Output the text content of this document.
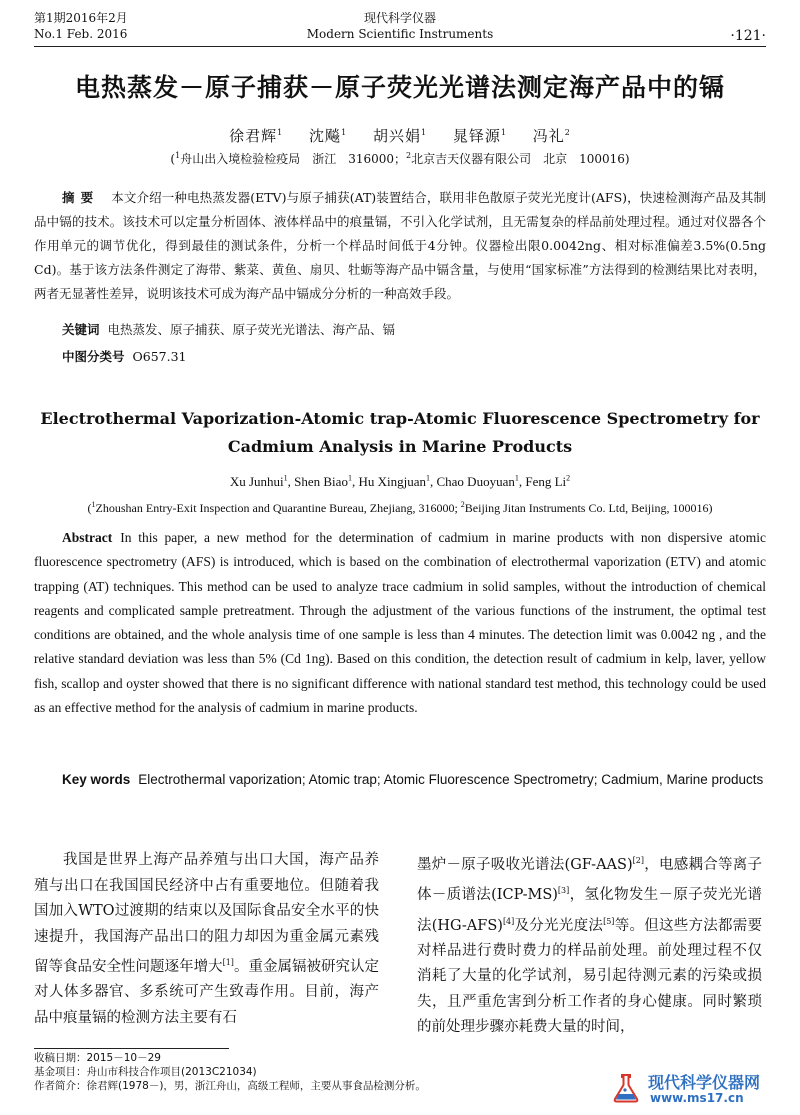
第1期2016年2月
No.1 Feb. 2016
现代科学仪器
Modern Scientific Instruments	·121·
电热蒸发－原子捕获－原子荧光光谱法测定海产品中的镉
徐君辉$^1$ 沈飚$^1$ 胡兴娟$^1$ 晁铎源$^1$ 冯礼$^2$
($^1$舟山出入境检验检疫局　浙江　316000；$^2$北京吉天仪器有限公司　北京　100016)
摘要 本文介绍一种电热蒸发器(ETV)与原子捕获(AT)装置结合，联用非色散原子荧光光度计(AFS)，快速检测海产品及其制品中镉的技术。该技术可以定量分析固体、液体样品中的痕量镉，不引入化学试剂，且无需复杂的样品前处理过程。通过对仪器各个作用单元的调节优化，得到最佳的测试条件，分析一个样品时间低于4分钟。仪器检出限0.0042ng、相对标准偏差3.5%(0.5ng Cd)。基于该方法条件测定了海带、紫菜、黄鱼、扇贝、牡蛎等海产品中镉含量，与使用“国家标准”方法得到的检测结果比对表明，两者无显著性差异，说明该技术可成为海产品中镉成分分析的一种高效手段。
关键词 电热蒸发、原子捕获、原子荧光光谱法、海产品、镉
中图分类号 O657.31
Electrothermal Vaporization-Atomic trap-Atomic Fluorescence Spectrometry for Cadmium Analysis in Marine Products
Xu Junhui$^1$, Shen Biao$^1$, Hu Xingjuan$^1$, Chao Duoyuan$^1$, Feng Li$^2$
($^1$Zhoushan Entry-Exit Inspection and Quarantine Bureau, Zhejiang, 316000; $^2$Beijing Jitan Instruments Co. Ltd, Beijing, 100016)
Abstract In this paper, a new method for the determination of cadmium in marine products with non dispersive atomic fluorescence spectrometry (AFS) is introduced, which is based on the combination of electrothermal vaporization (ETV) and atomic trapping (AT) techniques. This method can be used to analyze trace cadmium in solid samples, without the introduction of chemical reagents and complicated sample pretreatment. Through the adjustment of the various functions of the instrument, the optimal test conditions are obtained, and the whole analysis time of one sample is less than 4 minutes. The detection limit was 0.0042 ng , and the relative standard deviation was less than 5% (Cd 1ng). Based on this condition, the detection result of cadmium in kelp, laver, yellow fish, scallop and oyster showed that there is no significant difference with national standard test method, this technology could be used as an effective method for the analysis of cadmium in marine products.
Key words Electrothermal vaporization; Atomic trap; Atomic Fluorescence Spectrometry; Cadmium, Marine products
我国是世界上海产品养殖与出口大国，海产品养殖与出口在我国国民经济中占有重要地位。但随着我国加入WTO过渡期的结束以及国际食品安全水平的快速提升，我国海产品出口的阻力却因为重金属元素残留等食品安全性问题逐年增大[1]。重金属镉被研究认定对人体多器官、多系统可产生致毒作用。目前，海产品中痕量镉的检测方法主要有石
墨炉－原子吸收光谱法(GF-AAS)[2]，电感耦合等离子体－质谱法(ICP-MS)[3]，氢化物发生－原子荧光光谱法(HG-AFS)[4]及分光光度法[5]等。但这些方法都需要对样品进行费时费力的样品前处理。前处理过程不仅消耗了大量的化学试剂，易引起待测元素的污染或损失，且严重危害到分析工作者的身心健康。同时繁琐的前处理步骤亦耗费大量的时间，
收稿日期：2015－10－29
基金项目：舟山市科技合作项目(2013C21034)
作者简介：徐君辉(1978－)，男，浙江舟山，高级工程师，主要从事食品检测分析。	现代科学仪器网
www.ms17.cn
